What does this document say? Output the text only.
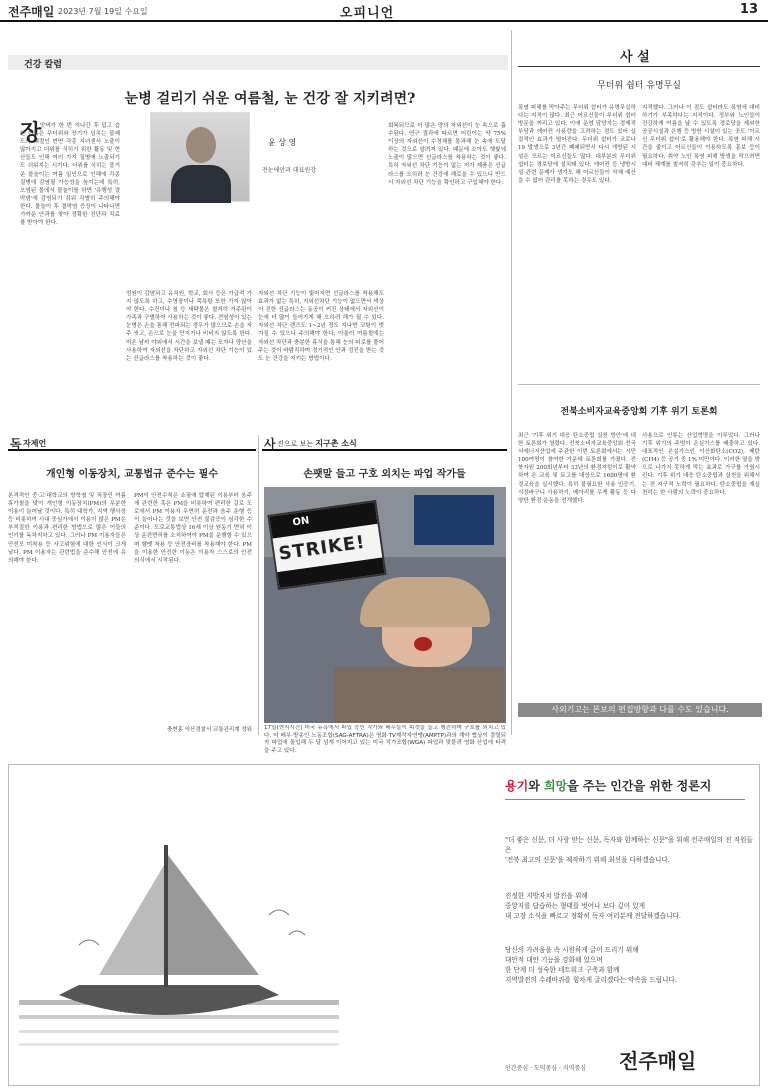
전주매일 2023년 7월 19일 수요일	오피니언	13
건강 칼럼
눈병 걸리기 쉬운 여름철, 눈 건강 잘 지키려면?
장
맛비가 한 번 지나간 후 덥고 습한 여름은 무더위와 장기가 넘치는 불쾌도의 계절인 반면 각종 지녀센서 노출이 많아지고 더위를 식히기 위한 활동 및 현산들도 인해 여러 가지 질병에 노출되기도 쉬워지는 시기다. 더위를 식히는 즐거운 물놀이는 여름 일인으로 인해에 각종 질병에 감염될 가능성을 높이는데 특히, 오염된 물에서 물놀이를 하면 '유행성 결막염'에 감염되기 쉬워 각별히 주의해야 한다. 물놀이 후 결막염 증상이 나타나면 가까운 안과를 찾아 정확한 진단과 치료를 받아야 한다.
윤 상 영
전눈에안과 대표원장
엄원이 감염되고 유치원, 학교, 회사 등은 가급적 가지 않도록 하고, 수영장이나 목욕탕 또한 가지 않아야 한다. 수건이나 침 등 세탁물은 철저히 거주판이 가족과 구별하여 사용하는 것이 좋다. 전염성이 있는 눈병은 손을 통해 전파되는 경우가 많으므로 손을 자주 씻고, 손으로 눈을 만지거나 비비지 않도록 한다. 미온 날씨 야외에서 시간을 보낼 때는 포자나 양산을 사용하여 자외선을 차단하고 자외선 차단 기능이 있는 선글라스를 착용하는 것이 좋다.
자외선 차단 기능이 빛어지면 선글라스를 착용해도 효과가 없는 특히, 지외선차단 기능이 없으면서 색상이 진한 선글라스는 동공이 커진 상태에서 자외선이 눈에 더 많이 들어가게 해 오히려 해가 될 수 있다. 자외선 차단 렌즈도 1~2년 정도 지나면 코팅이 벗겨질 수 있으니 주의해야 한다. 아울러 여름철에는 자외선 차단과 충분한 휴식을 통해 눈의 피로를 풀어주는 것이 바람직하며 정기적인 안과 검진을 받는 것도 눈 건강을 지키는 방법이다.
회복되므로 더 많은 양의 자외선이 눈 속으로 흡수된다. 연구 결과에 따르면 어린이는 약 75% 이상의 자외선이 수정체를 통과해 눈 속에 도달하는 것으로 알려져 있다. 때문에 소아도 햇빛에 노출이 많으면 선글라스를 착용하는 것이 좋다. 특히 자외선 차단 기능이 없는 저가 제품은 선글라스를 오히려 눈 건강에 해로울 수 있으니 반드시 자외선 차단 기능을 확인하고 구입해야 한다.
사 설
무더위 쉼터 유명무실
폭염 피해를 막아주는 무더위 쉼터가 유명무실하다는 지적이 많다. 최근 어르신들이 무더위 쉼터 방문을 꺼리고 있다. 이에 운영 담당자는 경제적 부담과 에어컨 사용량을 고려하는 점도 있어 실질적인 효과가 떨어진다. 무더위 쉼터가 코로나19 발생으로 3년간 폐쇄되면서 다시 개방된 시설은 모르는 어르신들도 많다. 대부분의 무더위 쉼터는 경로당에 설치돼 있다. 에어컨 등 냉방시설 관련 문제가 생겨도 해 어르신들이 자체 예산을 수 없어 관리를 못하는 경우도 있다.
지적했다. 그러나 이 점도 쉼터라도 폭염에 대비하기가 부족하다는 지적이다. 정부와 노인들이 건강하게 여름을 날 수 있도록 경로당을 제외한 공공시설과 은행 등 방한 시설이 있는 곳도 '이르신 무더위 쉼터'로 활용해야 한다. 폭염 피해 시간을 줄이고 어르신들이 이용하도록 홍보 등이 필요하다. 취약 노인 폭염 피해 방생을 막으려면 대비 체계를 철저히 갖추는 일이 중요하다.
전북소비자교육중앙회 기후 위기 토론회
최근 '기후 위기 대응 탄소중립 실천 방안'에 대한 토론회가 열렸다. 전북소비자교육중앙회 전국서에너지산업에 주관한 이번 토론회에서는 시민 100여명이 참여한 가운데 토론회를 가졌다. 전북자원 200회년부터 33년의 환경지킴이로 활약하여 온 교육 및 토고를 대상으로 1600명에 환경교육을 실시했다. 특히 불필요한 사용 인증기, 시장바구니 사용하기, 메아리를 우게 활동 등 다양한 환경 운동을 전개했다.
사용으로 인류는 산업혁명을 이루었다. 그러나 기후 위기의 주범이 온실가스를 배출하고 있다. 대표적인 온실가스인 이산화탄소(CO2), 메탄(CH4) 등 공기 중 1% 미만이다. 이러한 열을 밖으로 나가지 못하게 막는 효과로 가구를 가열시킨다. 기후 위기 대응 탄소중립과 실천을 위해서는 전 지구적 노력이 필요하다. 탄소중립을 재실천하는 한 사람의 노력이 중요하다.
사외기고는 본보의 편집방향과 다를 수도 있습니다.
독 자제언
개인형 이동장치, 교통법규 준수는 필수
본격적인 중·고·대학교의 방학철 및 직장인 여름 휴가철을 맞아 개인형 이동장치(PM)의 무분한 이용이 늘어날 것이다. 특히 대학가, 지역 행사장 등 비롯하여 시내 중심가에서 이용이 많은 PM은 부적절한 이용과 편리한 방법으로 많은 이들의 인기를 독차지하고 있다. 그러나 PM 이용자들은 안전모 미착용 등 사고위험에 대한 인식이 크게 낮다. PM 이용자는 관련법을 준수해 안전에 유의해야 한다.
PM이 안전수칙은 쇼핑에 탑재된 이용부터 음주에 관련한 혹은 PM을 비롯하여 편리한 길로 도로에서 PM 이용자 무면허 운전과 음주 운행 등이 늘어나는 것을 보면 안전 불감증이 심각한 수준이다. 도로교통법상 16세 이상 원동기 면허 이상 운전면허를 소지하여야 PM을 운행할 수 있으며 헬멧 착용 등 안전장비를 착용해야 한다. PM을 이용한 안전한 이동은 이용자 스스로의 안전 의식에서 시작된다.
충현홍 익산경찰서 교통관리계 경위
사 진으로 보는 지구촌 소식
손팻말 들고 구호 외치는 파업 작가들
ON
STRIKE!
17일(현지시간) 미국 뉴욕에서 파업 중인 작가와 배우들이 피켓을 들고 행진하며 구호를 외치고 있다. 미 배우·방송인 노동조합(SAG-AFTRA)은 영화·TV제작자연맹(AMPTP)과의 계약 협상이 결렬되자 파업에 돌입해 두 달 넘게 이어지고 있는 미국 작가조합(WGA) 파업과 맞물려 영화 산업에 타격을 주고 있다.
용기와 희망을 주는 인간을 위한 정론지
"더 좋은 신문, 더 사랑 받는 신문, 독자와 함께하는 신문"을 위해 전주매일의 전 직원들은
'전북 최고의 신문'을 제작하기 위해 최선을 다하겠습니다.
진정한 지방자치 발전을 위해
중앙지를 답습하는 형태를 벗어나 보다 깊이 있게
내 고장 소식을 빠르고 정확히 독자 여러분께 전달하겠습니다.
당신의 가려움을 속 시원하게 긁어 드리기 위해
대안적 대안 기능을 강화해 있으며
한 단계 더 성숙한 네트워크 구축과 함께
지역발전의 수레바퀴를 힘차게 굴리겠다는 약속을 드립니다.
인간중심 · 도덕중심 · 지역중심 전주매일
